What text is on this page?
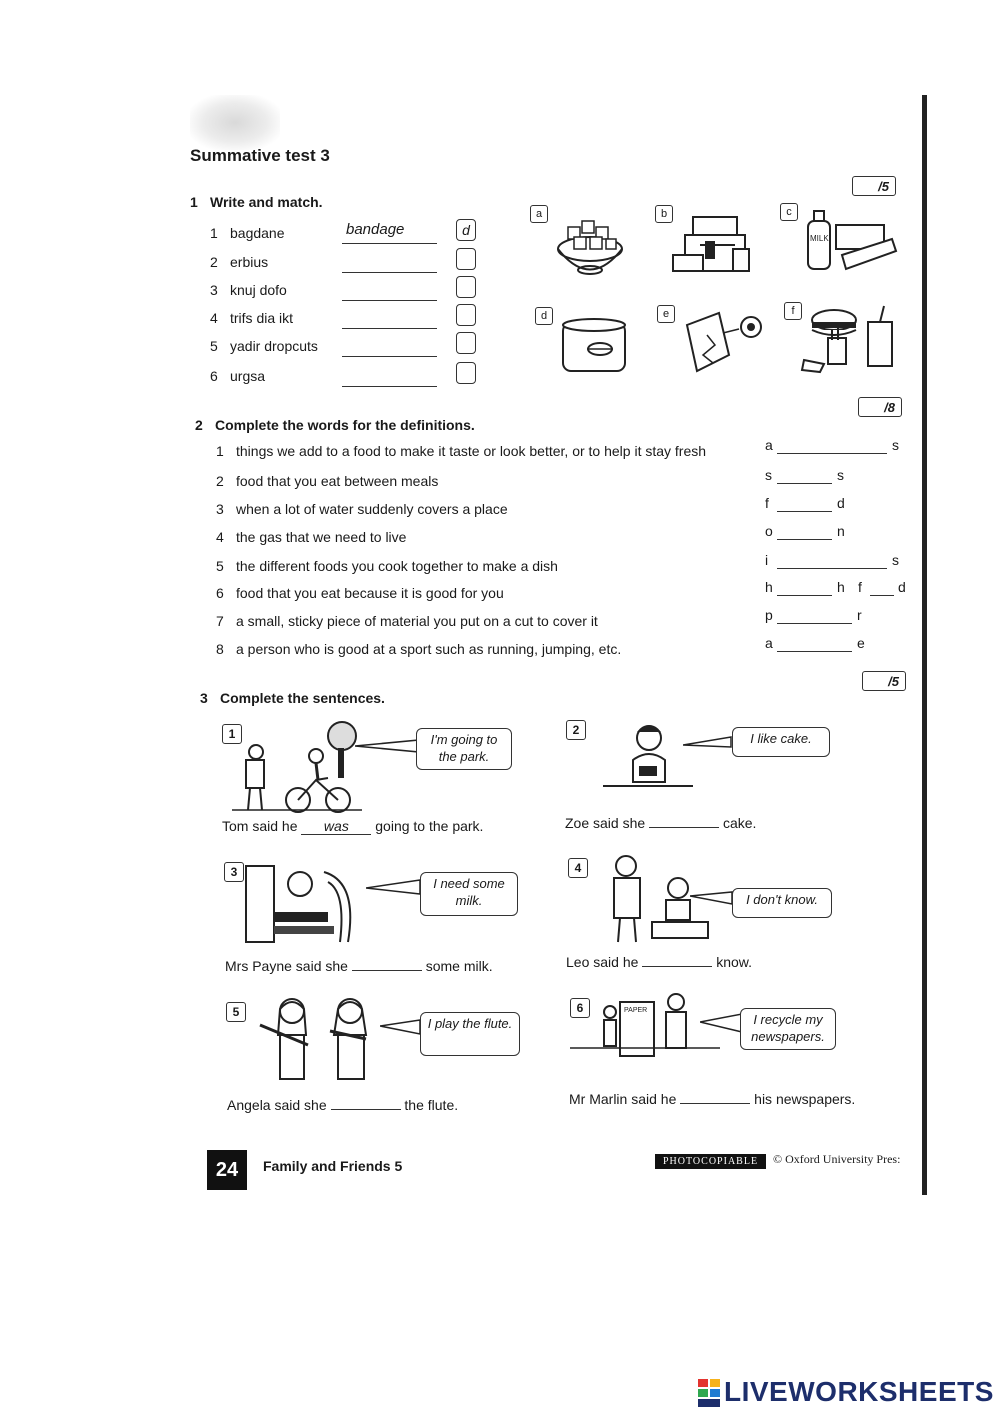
Summative test 3
1 Write and match.
/5
1 bagdane	bandage	d
2 erbius
3 knuj dofo
4 trifs dia ikt
5 yadir dropcuts
6 urgsa
a	b	c
MILK
d	e	f
2 Complete the words for the definitions.
/8
1 things we add to a food to make it taste or look better, or to help it stay fresh	a	s
2 food that you eat between meals	s	s
3 when a lot of water suddenly covers a place	f	d
4 the gas that we need to live	o	n
5 the different foods you cook together to make a dish	i	s
6 food that you eat because it is good for you	h	h f	d
7 a small, sticky piece of material you put on a cut to cover it	p	r
8 a person who is good at a sport such as running, jumping, etc.	a	e
3 Complete the sentences.
/5
1	I'm going to the park.
Tom said he was going to the park.
2
I like cake.
Zoe said she	cake.
3
I need some milk.
Mrs Payne said she	some milk.
4
I don't know.
Leo said he	know.
5
I play the flute.
Angela said she	the flute.
6
I recycle my newspapers.
Mr Marlin said he	his newspapers.
PAPER
24	Family and Friends 5	PHOTOCOPIABLE	© Oxford University Pres:
LIVEWORKSHEETS
